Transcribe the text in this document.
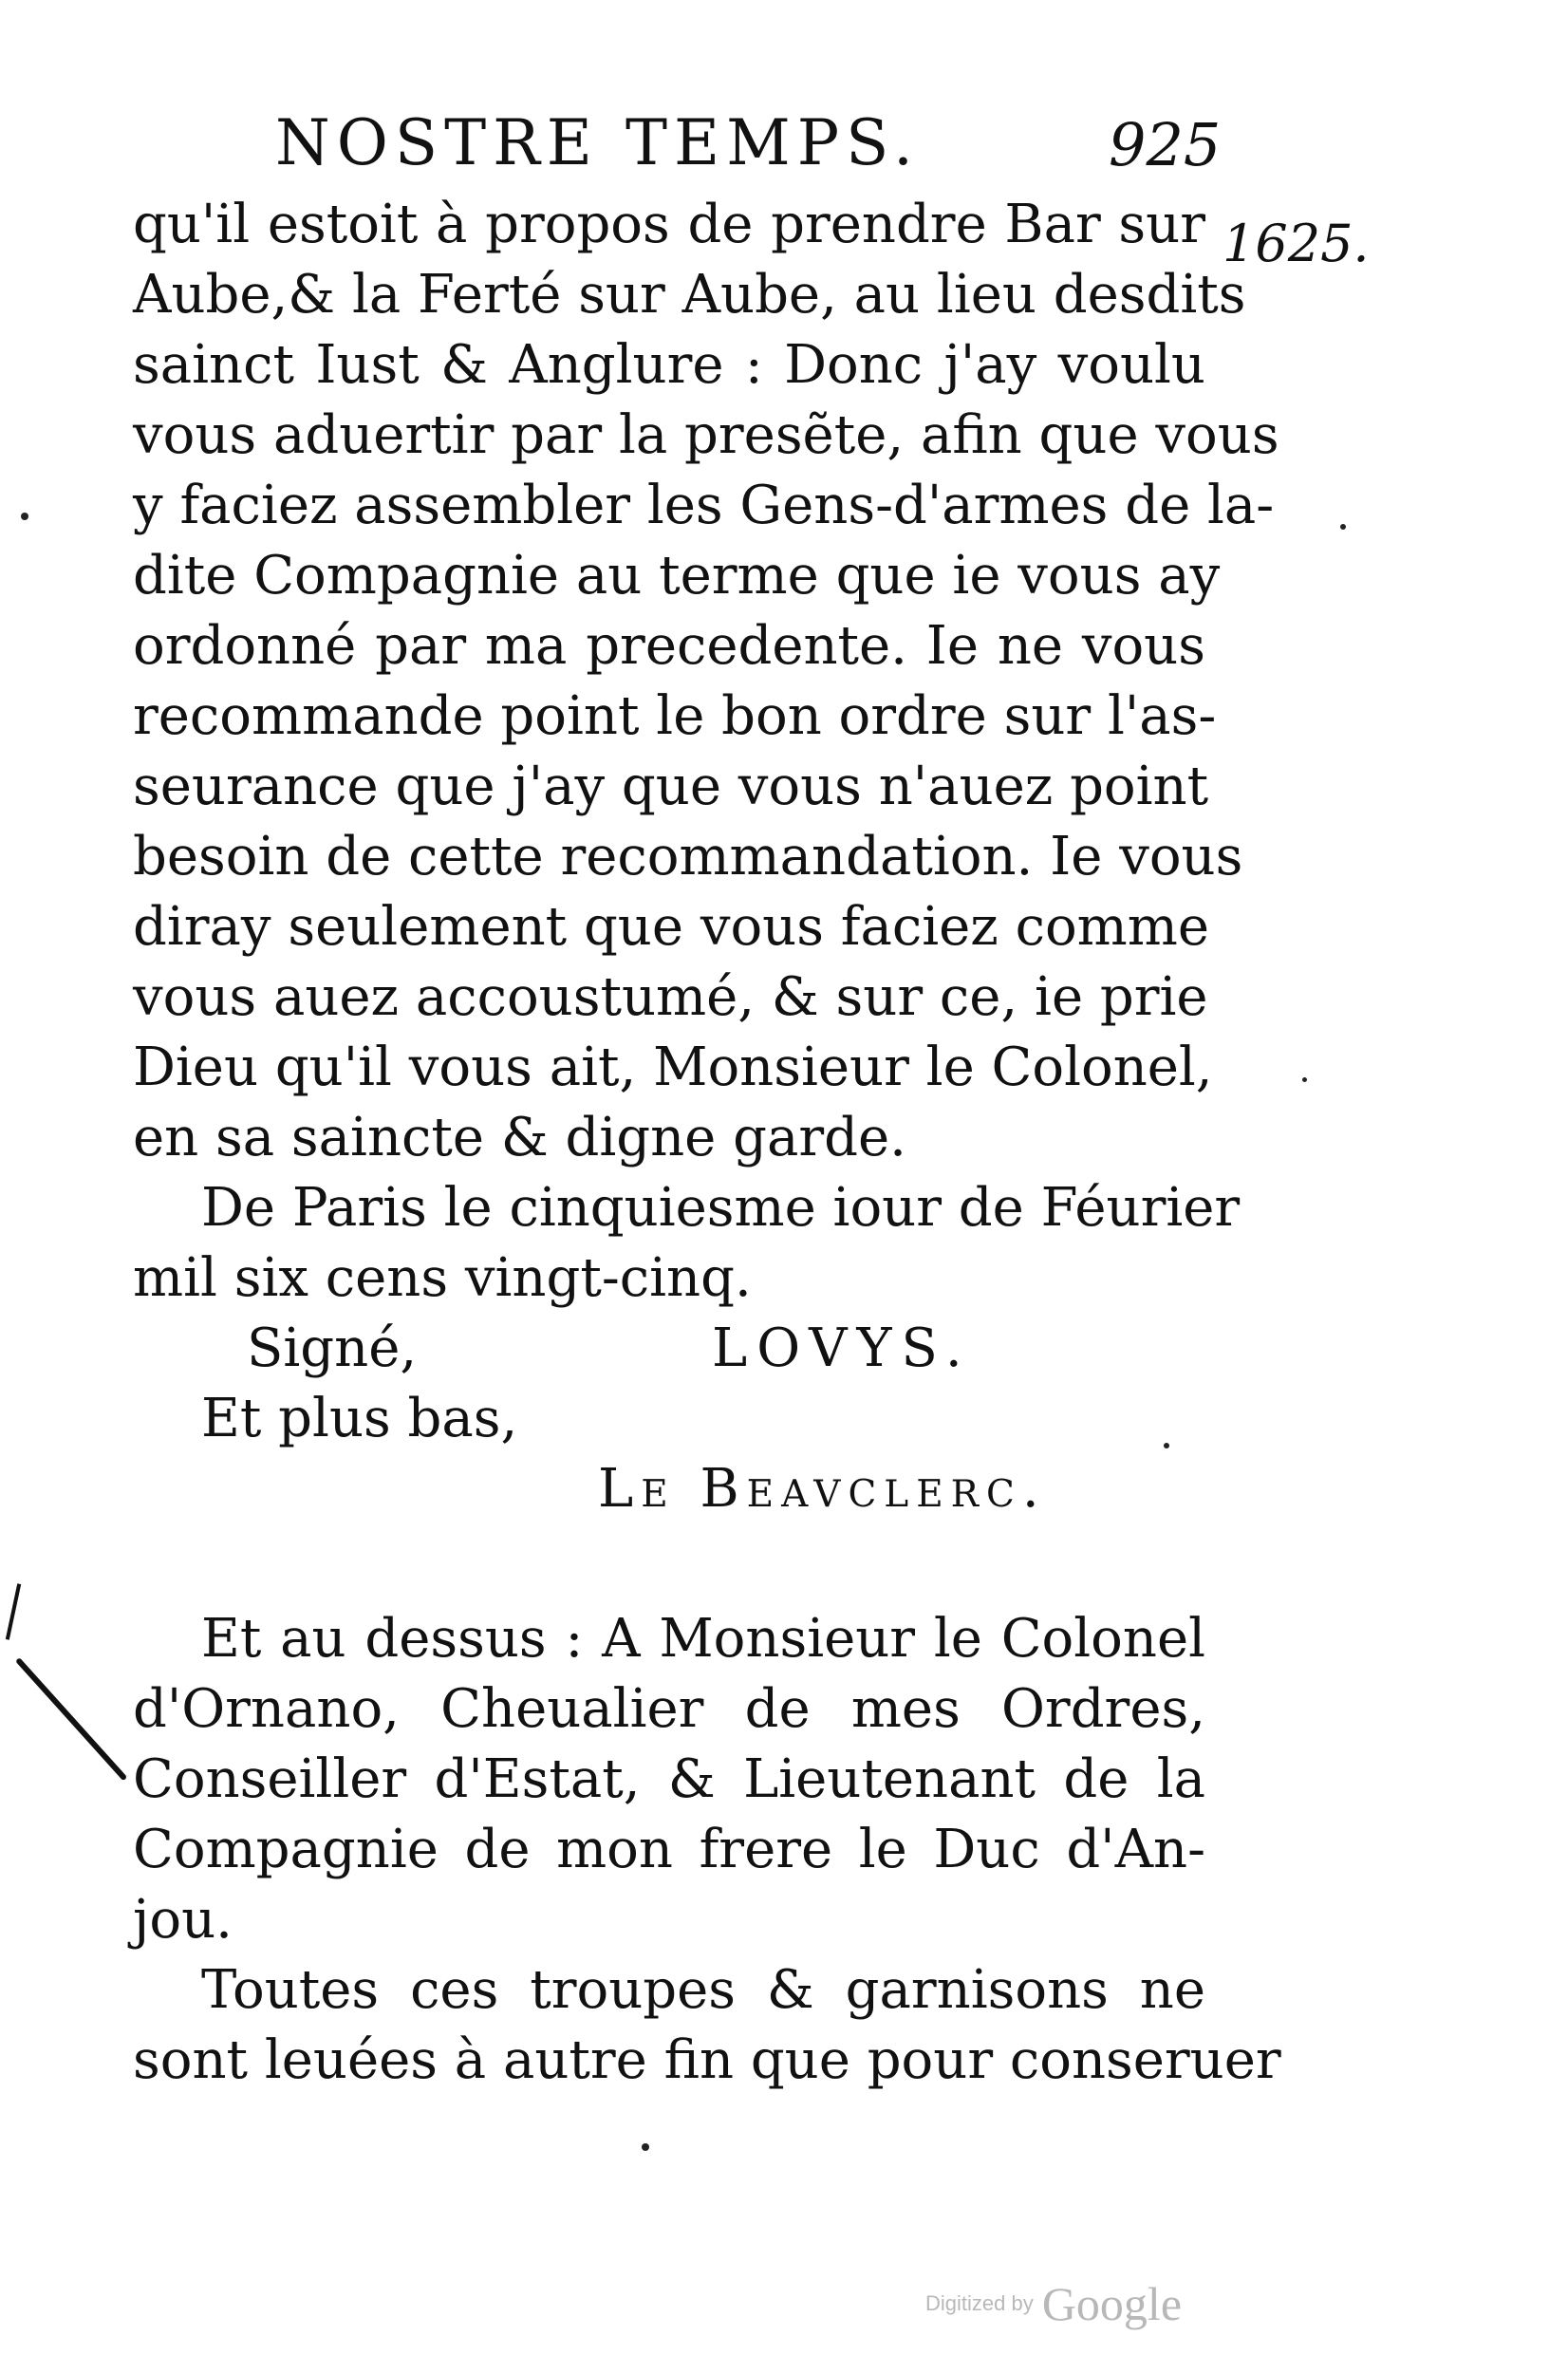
NOSTRE TEMPS.	925
1625.
qu'il estoit à propos de prendre Bar sur
Aube,& la Ferté sur Aube, au lieu desdits
sainct Iust & Anglure : Donc j'ay voulu
vous aduertir par la presẽte, afin que vous
y faciez assembler les Gens-d'armes de la-
dite Compagnie au terme que ie vous ay
ordonné par ma precedente. Ie ne vous
recommande point le bon ordre sur l'as-
seurance que j'ay que vous n'auez point
besoin de cette recommandation. Ie vous
diray seulement que vous faciez comme
vous auez accoustumé, & sur ce, ie prie
Dieu qu'il vous ait, Monsieur le Colonel,
en sa saincte & digne garde.
De Paris le cinquiesme iour de Féurier
mil six cens vingt-cinq.
Signé,	LOVYS.
Et plus bas,
Le Beavclerc.
Et au dessus : A Monsieur le Colonel
d'Ornano, Cheualier de mes Ordres,
Conseiller d'Estat, & Lieutenant de la
Compagnie de mon frere le Duc d'An-
jou.
Toutes ces troupes & garnisons ne
sont leuées à autre fin que pour conseruer
Digitized by Google
